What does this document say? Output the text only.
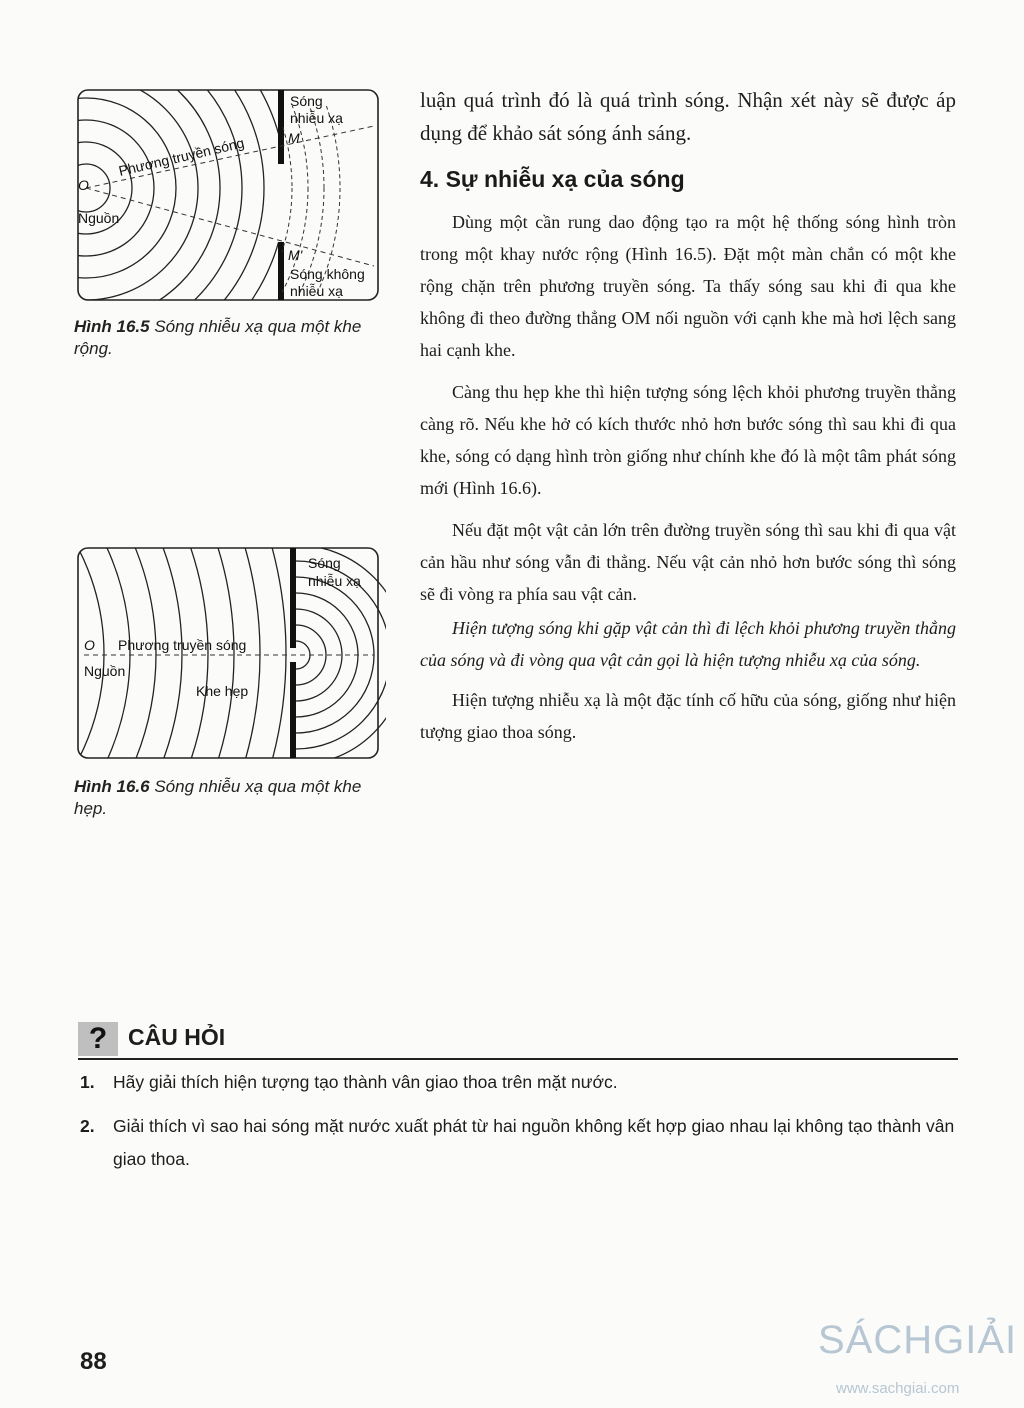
Sóng
nhiễu xạ
M
Phương truyền sóng
O
Nguồn
M'
Sóng không
nhiễu xạ
Hình 16.5 Sóng nhiễu xạ qua một khe rộng.
Sóng
nhiễu xạ
O Phương truyền sóng
Nguồn
Khe hẹp
Hình 16.6 Sóng nhiễu xạ qua một khe hẹp.

luận quá trình đó là quá trình sóng. Nhận xét này sẽ được áp dụng để khảo sát sóng ánh sáng.

4. Sự nhiễu xạ của sóng

Dùng một cần rung dao động tạo ra một hệ thống sóng hình tròn trong một khay nước rộng (Hình 16.5). Đặt một màn chắn có một khe rộng chặn trên phương truyền sóng. Ta thấy sóng sau khi đi qua khe không đi theo đường thẳng OM nối nguồn với cạnh khe mà hơi lệch sang hai cạnh khe.

Càng thu hẹp khe thì hiện tượng sóng lệch khỏi phương truyền thẳng càng rõ. Nếu khe hở có kích thước nhỏ hơn bước sóng thì sau khi đi qua khe, sóng có dạng hình tròn giống như chính khe đó là một tâm phát sóng mới (Hình 16.6).

Nếu đặt một vật cản lớn trên đường truyền sóng thì sau khi đi qua vật cản hầu như sóng vẫn đi thẳng. Nếu vật cản nhỏ hơn bước sóng thì sóng sẽ đi vòng ra phía sau vật cản.

Hiện tượng sóng khi gặp vật cản thì đi lệch khỏi phương truyền thẳng của sóng và đi vòng qua vật cản gọi là hiện tượng nhiễu xạ của sóng.

Hiện tượng nhiễu xạ là một đặc tính cố hữu của sóng, giống như hiện tượng giao thoa sóng.

? CÂU HỎI
1. Hãy giải thích hiện tượng tạo thành vân giao thoa trên mặt nước.
2. Giải thích vì sao hai sóng mặt nước xuất phát từ hai nguồn không kết hợp giao nhau lại không tạo thành vân giao thoa.
88	SÁCHGIẢI
www.sachgiai.com
